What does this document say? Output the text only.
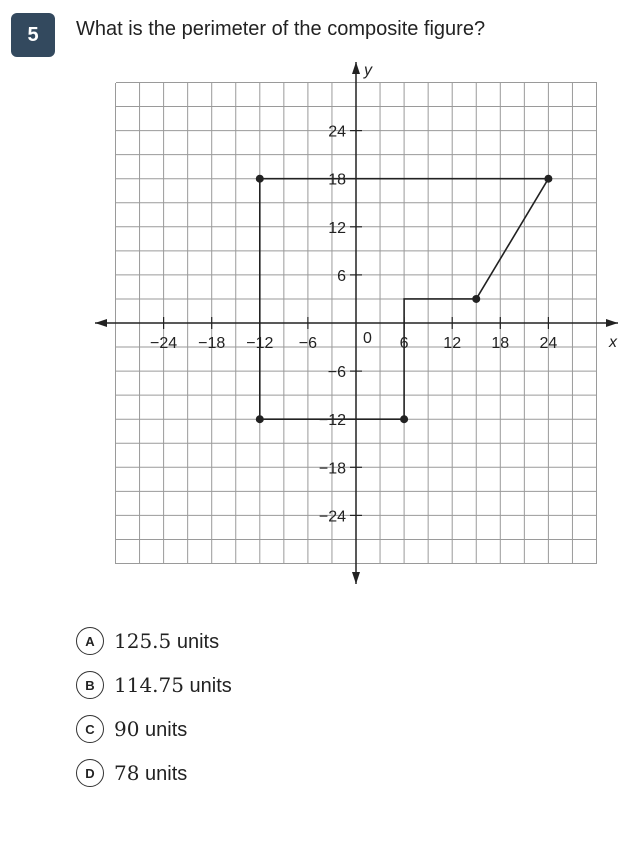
5	What is the perimeter of the composite figure?
x
y
0
−24 −18 −12 −6	6 12 18 24
24
18
12
6
−6
−12
−18
−24
A 125.5 units
B 114.75 units
C 90 units
D 78 units
